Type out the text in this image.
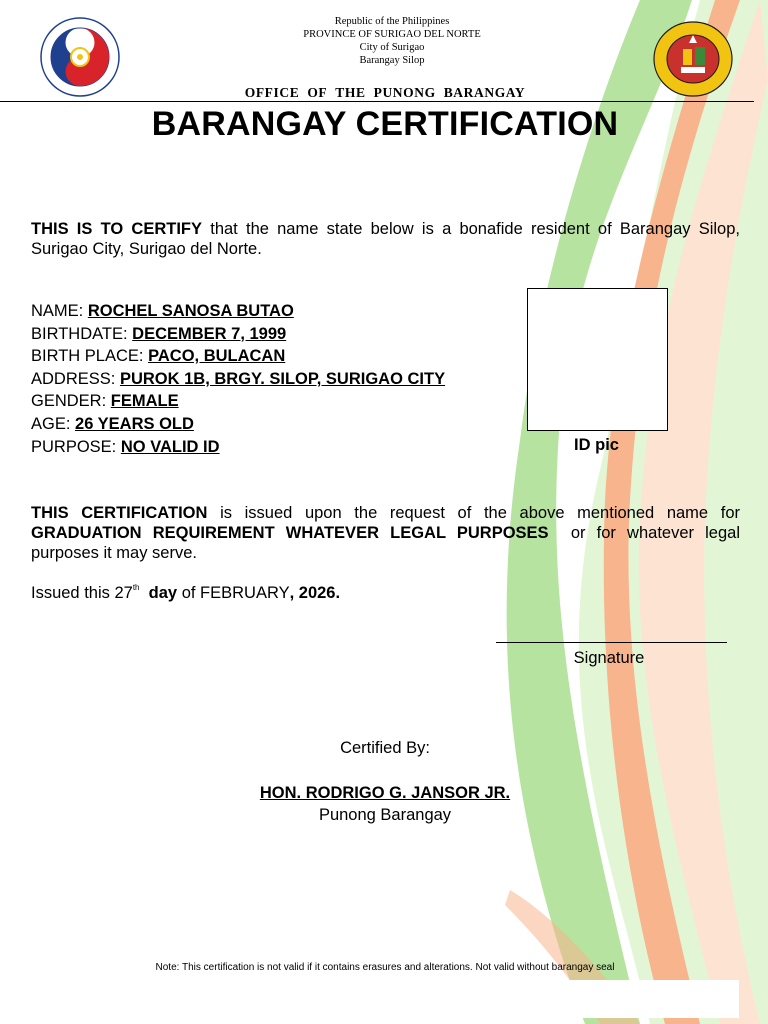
Republic of the Philippines
PROVINCE OF SURIGAO DEL NORTE
City of Surigao
Barangay Silop
OFFICE OF THE PUNONG BARANGAY
BARANGAY CERTIFICATION
THIS IS TO CERTIFY that the name state below is a bonafide resident of Barangay Silop, Surigao City, Surigao del Norte.
NAME: ROCHEL SANOSA BUTAO
BIRTHDATE: DECEMBER 7, 1999
BIRTH PLACE: PACO, BULACAN
ADDRESS: PUROK 1B, BRGY. SILOP, SURIGAO CITY
GENDER: FEMALE
AGE: 26 YEARS OLD
PURPOSE: NO VALID ID	ID pic
THIS CERTIFICATION is issued upon the request of the above mentioned name for GRADUATION REQUIREMENT WHATEVER LEGAL PURPOSES  or for whatever legal purposes it may serve.
Issued this 27th day of FEBRUARY, 2026.
Signature
Certified By:
HON. RODRIGO G. JANSOR JR.
Punong Barangay
Note: This certification is not valid if it contains erasures and alterations. Not valid without barangay seal
